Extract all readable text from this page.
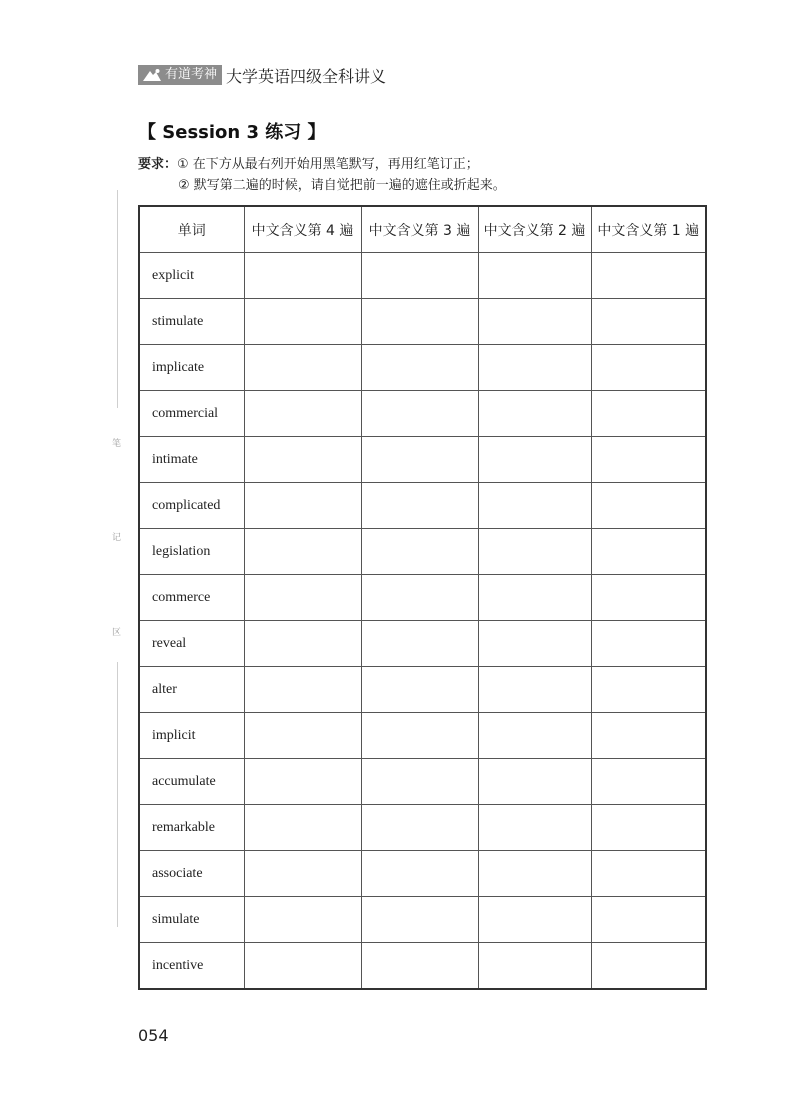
有道考神 大学英语四级全科讲义
【 Session 3 练习 】
要求：① 在下方从最右列开始用黑笔默写，再用红笔订正；
② 默写第二遍的时候，请自觉把前一遍的遮住或折起来。
笔
记
区
单词	中文含义第 4 遍	中文含义第 3 遍	中文含义第 2 遍	中文含义第 1 遍
explicit				
stimulate				
implicate				
commercial				
intimate				
complicated				
legislation				
commerce				
reveal				
alter				
implicit				
accumulate				
remarkable				
associate				
simulate				
incentive				
054
